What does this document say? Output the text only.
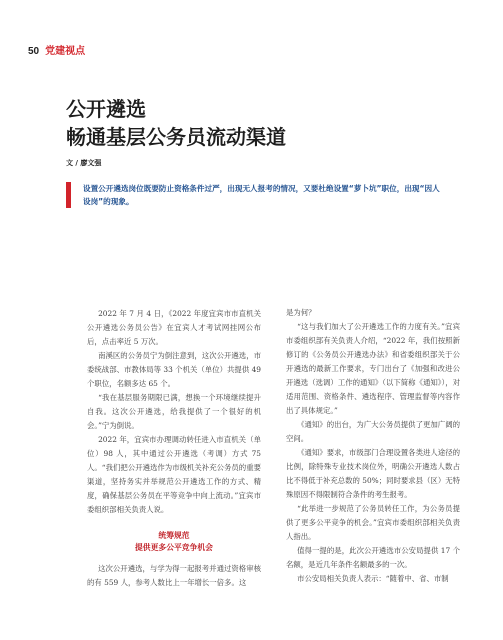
50 党建视点
公开遴选
畅通基层公务员流动渠道
文 / 廖文强
设置公开遴选岗位既要防止资格条件过严，出现无人报考的情况，又要杜绝设置“萝卜坑”职位，出现“因人设岗”的现象。

2022 年 7 月 4 日，《2022 年度宜宾市市直机关公开遴选公务员公告》在宜宾人才考试网挂网公布后，点击率近 5 万次。

南溪区的公务员宁为倒注意到，这次公开遴选，市委统战部、市教体局等 33 个机关（单位）共提供 49 个职位，名额多达 65 个。

“我在基层服务期限已满，想换一个环境继续提升自我。这次公开遴选，给我提供了一个很好的机会。”宁为倒说。

2022 年，宜宾市办理调动转任进入市直机关（单位）98 人，其中通过公开遴选（考调）方式 75 人。“我们把公开遴选作为市级机关补充公务员的重要渠道，坚持务实并举规范公开遴选工作的方式、精度，确保基层公务员在平等竞争中向上流动。”宜宾市委组织部相关负责人说。

统筹规范
提供更多公平竞争机会

这次公开遴选，与学为得一起报考并通过资格审核的有 559 人，参考人数比上一年增长一倍多。这

是为何？

“这与我们加大了公开遴选工作的力度有关。”宜宾市委组织部有关负责人介绍，“2022 年，我们按照新修订的《公务员公开遴选办法》和省委组织部关于公开遴选的最新工作要求，专门出台了《加强和改进公开遴选（选调）工作的通知》（以下简称《通知》），对适用范围、资格条件、遴选程序、管理监督等内容作出了具体规定。”

《通知》的出台，为广大公务员提供了更加广阔的空间。

《通知》要求，市级部门合理设置各类进人途径的比例，除特殊专业技术岗位外，明确公开遴选人数占比不得低于补充总数的 50%；同时要求县（区）无特殊原因不得限制符合条件的考生报考。

“此举进一步规范了公务员转任工作，为公务员提供了更多公平竞争的机会。”宜宾市委组织部相关负责人指出。

值得一提的是，此次公开遴选市公安局提供 17 个名额，是近几年条件名额最多的一次。

市公安局相关负责人表示：“随着中、省、市制
